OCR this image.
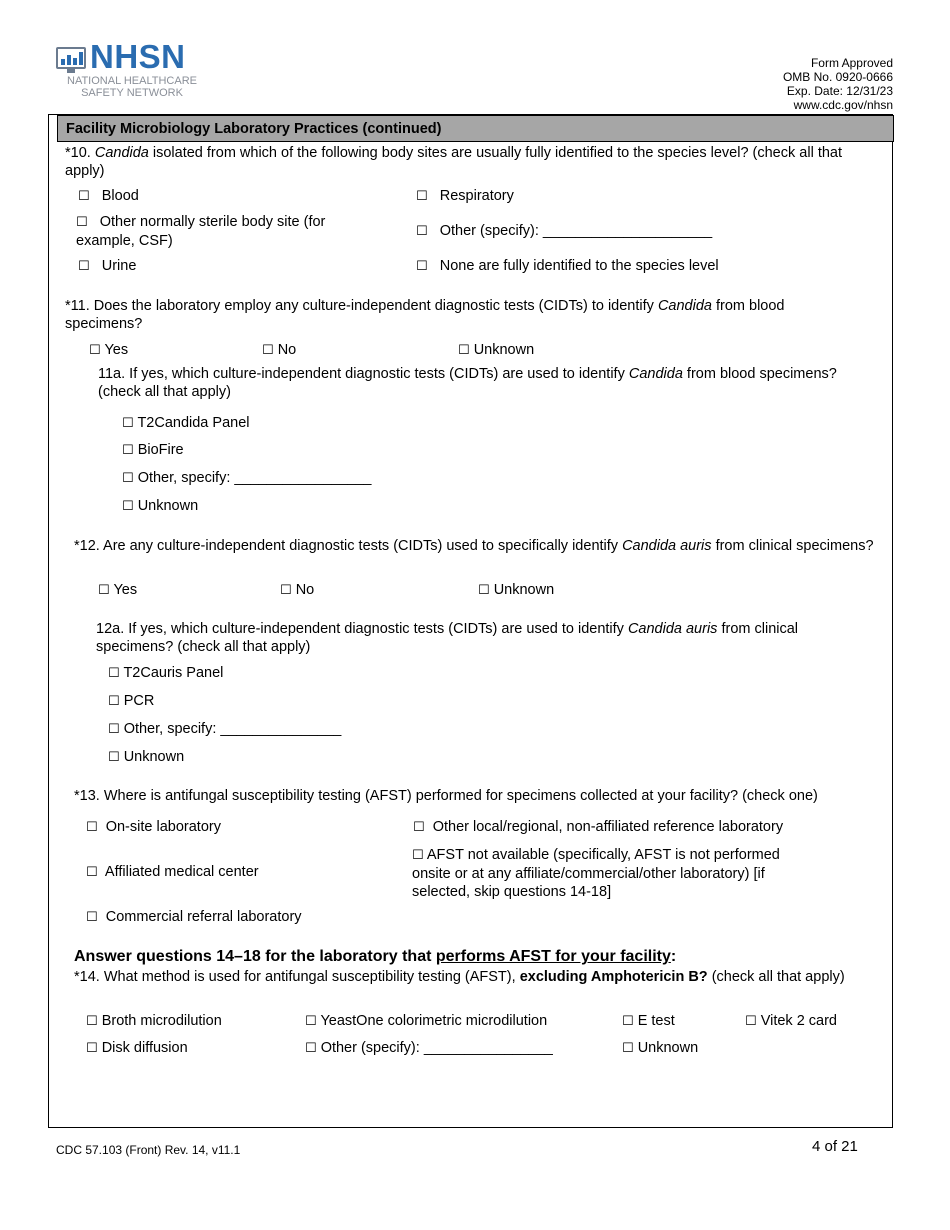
NHSN
NATIONAL HEALTHCARE
SAFETY NETWORK
Form Approved
OMB No. 0920-0666
Exp. Date: 12/31/23
www.cdc.gov/nhsn
Facility Microbiology Laboratory Practices (continued)
*10. Candida isolated from which of the following body sites are usually fully identified to the species level? (check all that apply)
☐ Blood	☐ Respiratory
☐ Other normally sterile body site (for example, CSF)
☐ Other (specify): _____________________
☐ Urine	☐ None are fully identified to the species level
*11. Does the laboratory employ any culture-independent diagnostic tests (CIDTs) to identify Candida from blood specimens?
☐ Yes	☐ No	☐ Unknown
11a. If yes, which culture-independent diagnostic tests (CIDTs) are used to identify Candida from blood specimens? (check all that apply)
☐ T2Candida Panel
☐ BioFire
☐ Other, specify: _________________
☐ Unknown
*12. Are any culture-independent diagnostic tests (CIDTs) used to specifically identify Candida auris from clinical specimens?
☐ Yes	☐ No	☐ Unknown
12a. If yes, which culture-independent diagnostic tests (CIDTs) are used to identify Candida auris from clinical specimens? (check all that apply)
☐ T2Cauris Panel
☐ PCR
☐ Other, specify: _______________
☐ Unknown
*13. Where is antifungal susceptibility testing (AFST) performed for specimens collected at your facility? (check one)
☐ On-site laboratory	☐ Other local/regional, non-affiliated reference laboratory
☐ Affiliated medical center
☐ AFST not available (specifically, AFST is not performed onsite or at any affiliate/commercial/other laboratory) [if selected, skip questions 14-18]
☐ Commercial referral laboratory
Answer questions 14–18 for the laboratory that performs AFST for your facility:
*14. What method is used for antifungal susceptibility testing (AFST), excluding Amphotericin B? (check all that apply)
☐ Broth microdilution	☐ YeastOne colorimetric microdilution	☐ E test	☐ Vitek 2 card
☐ Disk diffusion	☐ Other (specify): ________________	☐ Unknown
CDC 57.103 (Front) Rev. 14, v11.1	4 of 21
